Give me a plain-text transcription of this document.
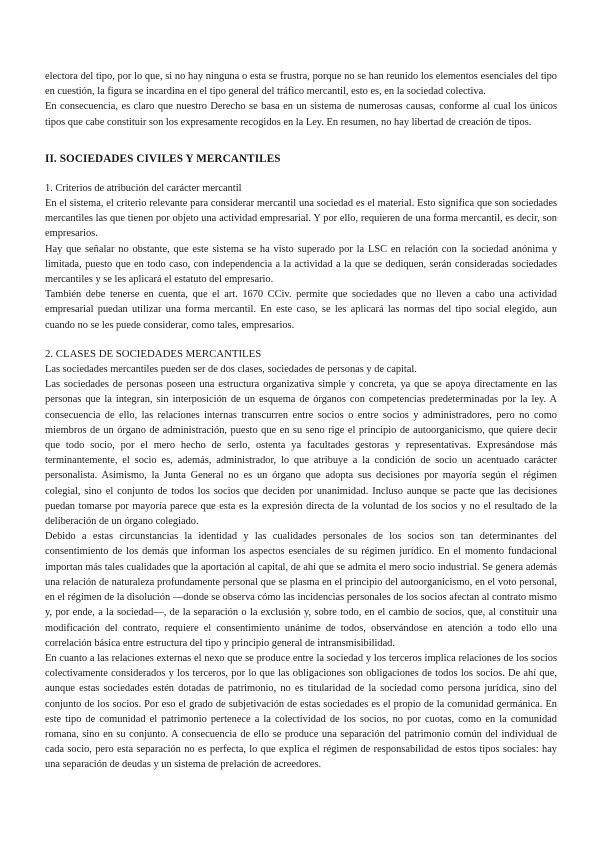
electora del tipo, por lo que, si no hay ninguna o esta se frustra, porque no se han reunido los elementos esenciales del tipo en cuestión, la figura se incardina en el tipo general del tráfico mercantil, esto es, en la sociedad colectiva.

En consecuencia, es claro que nuestro Derecho se basa en un sistema de numerosas causas, conforme al cual los únicos tipos que cabe constituir son los expresamente recogidos en la Ley. En resumen, no hay libertad de creación de tipos.

II. SOCIEDADES CIVILES Y MERCANTILES

1. Criterios de atribución del carácter mercantil

En el sistema, el criterio relevante para considerar mercantil una sociedad es el material. Esto significa que son sociedades mercantiles las que tienen por objeto una actividad empresarial. Y por ello, requieren de una forma mercantil, es decir, son empresarios.

Hay que señalar no obstante, que este sistema se ha visto superado por la LSC en relación con la sociedad anónima y limitada, puesto que en todo caso, con independencia a la actividad a la que se dediquen, serán consideradas sociedades mercantiles y se les aplicará el estatuto del empresario.

También debe tenerse en cuenta, que el art. 1670 CCiv. permite que sociedades que no lleven a cabo una actividad empresarial puedan utilizar una forma mercantil. En este caso, se les aplicará las normas del tipo social elegido, aun cuando no se les puede considerar, como tales, empresarios.

2. CLASES DE SOCIEDADES MERCANTILES

Las sociedades mercantiles pueden ser de dos clases, sociedades de personas y de capital.

Las sociedades de personas poseen una estructura organizativa simple y concreta, ya que se apoya directamente en las personas que la integran, sin interposición de un esquema de órganos con competencias predeterminadas por la ley. A consecuencia de ello, las relaciones internas transcurren entre socios o entre socios y administradores, pero no como miembros de un órgano de administración, puesto que en su seno rige el principio de autoorganicismo, que quiere decir que todo socio, por el mero hecho de serlo, ostenta ya facultades gestoras y representativas. Expresándose más terminantemente, el socio es, además, administrador, lo que atribuye a la condición de socio un acentuado carácter personalista. Asimismo, la Junta General no es un órgano que adopta sus decisiones por mayoría según el régimen colegial, sino el conjunto de todos los socios que deciden por unanimidad. Incluso aunque se pacte que las decisiones puedan tomarse por mayoría parece que esta es la expresión directa de la voluntad de los socios y no el resultado de la deliberación de un órgano colegiado.

Debido a estas circunstancias la identidad y las cualidades personales de los socios son tan determinantes del consentimiento de los demás que informan los aspectos esenciales de su régimen jurídico. En el momento fundacional importan más tales cualidades que la aportación al capital, de ahí que se admita el mero socio industrial. Se genera además una relación de naturaleza profundamente personal que se plasma en el principio del autoorganicismo, en el voto personal, en el régimen de la disolución —donde se observa cómo las incidencias personales de los socios afectan al contrato mismo y, por ende, a la sociedad—, de la separación o la exclusión y, sobre todo, en el cambio de socios, que, al constituir una modificación del contrato, requiere el consentimiento unánime de todos, observándose en atención a todo ello una correlación básica entre estructura del tipo y principio general de intransmisibilidad.

En cuanto a las relaciones externas el nexo que se produce entre la sociedad y los terceros implica relaciones de los socios colectivamente considerados y los terceros, por lo que las obligaciones son obligaciones de todos los socios. De ahí que, aunque estas sociedades estén dotadas de patrimonio, no es titularidad de la sociedad como persona jurídica, sino del conjunto de los socios. Por eso el grado de subjetivación de estas sociedades es el propio de la comunidad germánica. En este tipo de comunidad el patrimonio pertenece a la colectividad de los socios, no por cuotas, como en la comunidad romana, sino en su conjunto. A consecuencia de ello se produce una separación del patrimonio común del individual de cada socio, pero esta separación no es perfecta, lo que explica el régimen de responsabilidad de estos tipos sociales: hay una separación de deudas y un sistema de prelación de acreedores.
